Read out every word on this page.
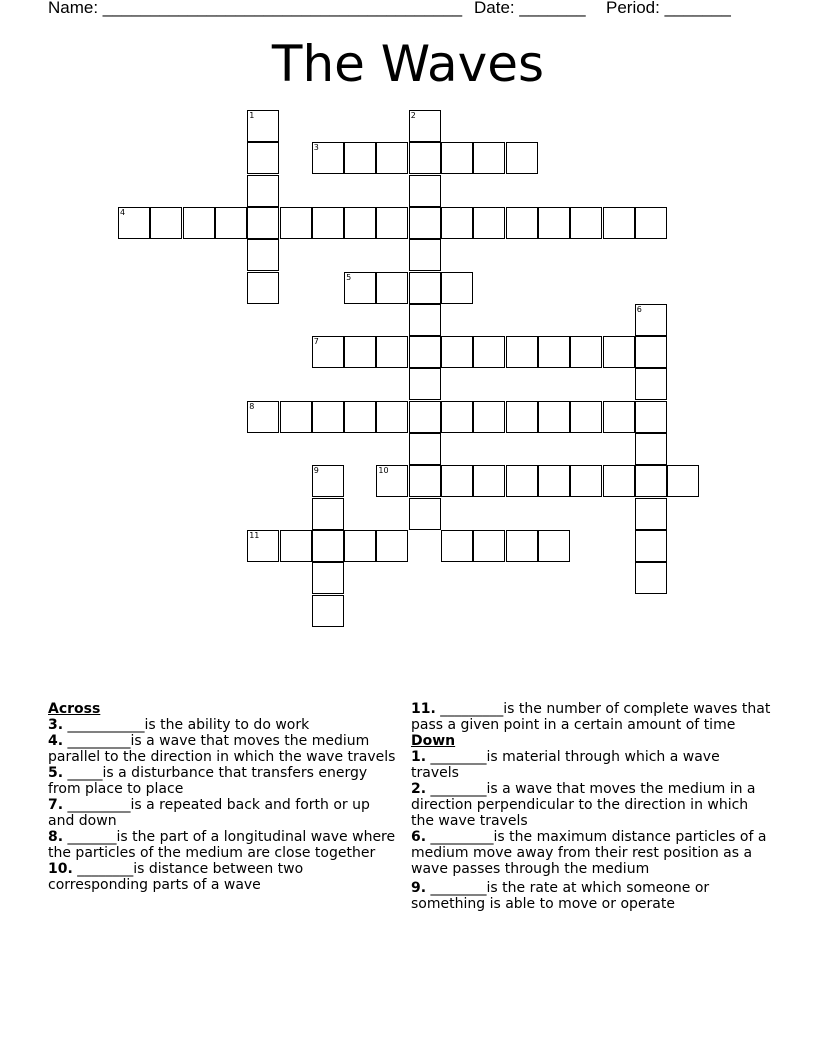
Name: ______________________________________

Date: _______

Period: _______

The Waves
1	2
3
4
5
6
7
8
9	10
11
Across
3. ___________is the ability to do work
4. _________is a wave that moves the medium parallel to the direction in which the wave travels
5. _____is a disturbance that transfers energy from place to place
7. _________is a repeated back and forth or up and down
8. _______is the part of a longitudinal wave where the particles of the medium are close together
10. ________is distance between two corresponding parts of a wave
11. _________is the number of complete waves that pass a given point in a certain amount of time
Down
1. ________is material through which a wave travels
2. ________is a wave that moves the medium in a direction perpendicular to the direction in which the wave travels
6. _________is the maximum distance particles of a medium move away from their rest position as a wave passes through the medium
9. ________is the rate at which someone or something is able to move or operate
